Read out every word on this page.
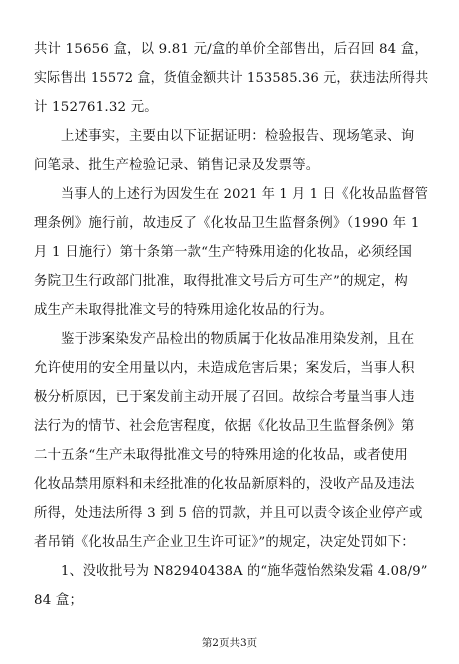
共计 15656 盒，以 9.81 元/盒的单价全部售出，后召回 84 盒，
实际售出 15572 盒，货值金额共计 153585.36 元，获违法所得共
计 152761.32 元。
上述事实，主要由以下证据证明：检验报告、现场笔录、询
问笔录、批生产检验记录、销售记录及发票等。
当事人的上述行为因发生在 2021 年 1 月 1 日《化妆品监督管
理条例》施行前，故违反了《化妆品卫生监督条例》（1990 年 1
月 1 日施行）第十条第一款“生产特殊用途的化妆品，必须经国
务院卫生行政部门批准，取得批准文号后方可生产”的规定，构
成生产未取得批准文号的特殊用途化妆品的行为。
鉴于涉案染发产品检出的物质属于化妆品准用染发剂，且在
允许使用的安全用量以内，未造成危害后果；案发后，当事人积
极分析原因，已于案发前主动开展了召回。故综合考量当事人违
法行为的情节、社会危害程度，依据《化妆品卫生监督条例》第
二十五条“生产未取得批准文号的特殊用途的化妆品，或者使用
化妆品禁用原料和未经批准的化妆品新原料的，没收产品及违法
所得，处违法所得 3 到 5 倍的罚款，并且可以责令该企业停产或
者吊销《化妆品生产企业卫生许可证》”的规定，决定处罚如下：
1、没收批号为 N82940438A 的“施华蔻怡然染发霜 4.08/9”
84 盒；
第2页共3页
